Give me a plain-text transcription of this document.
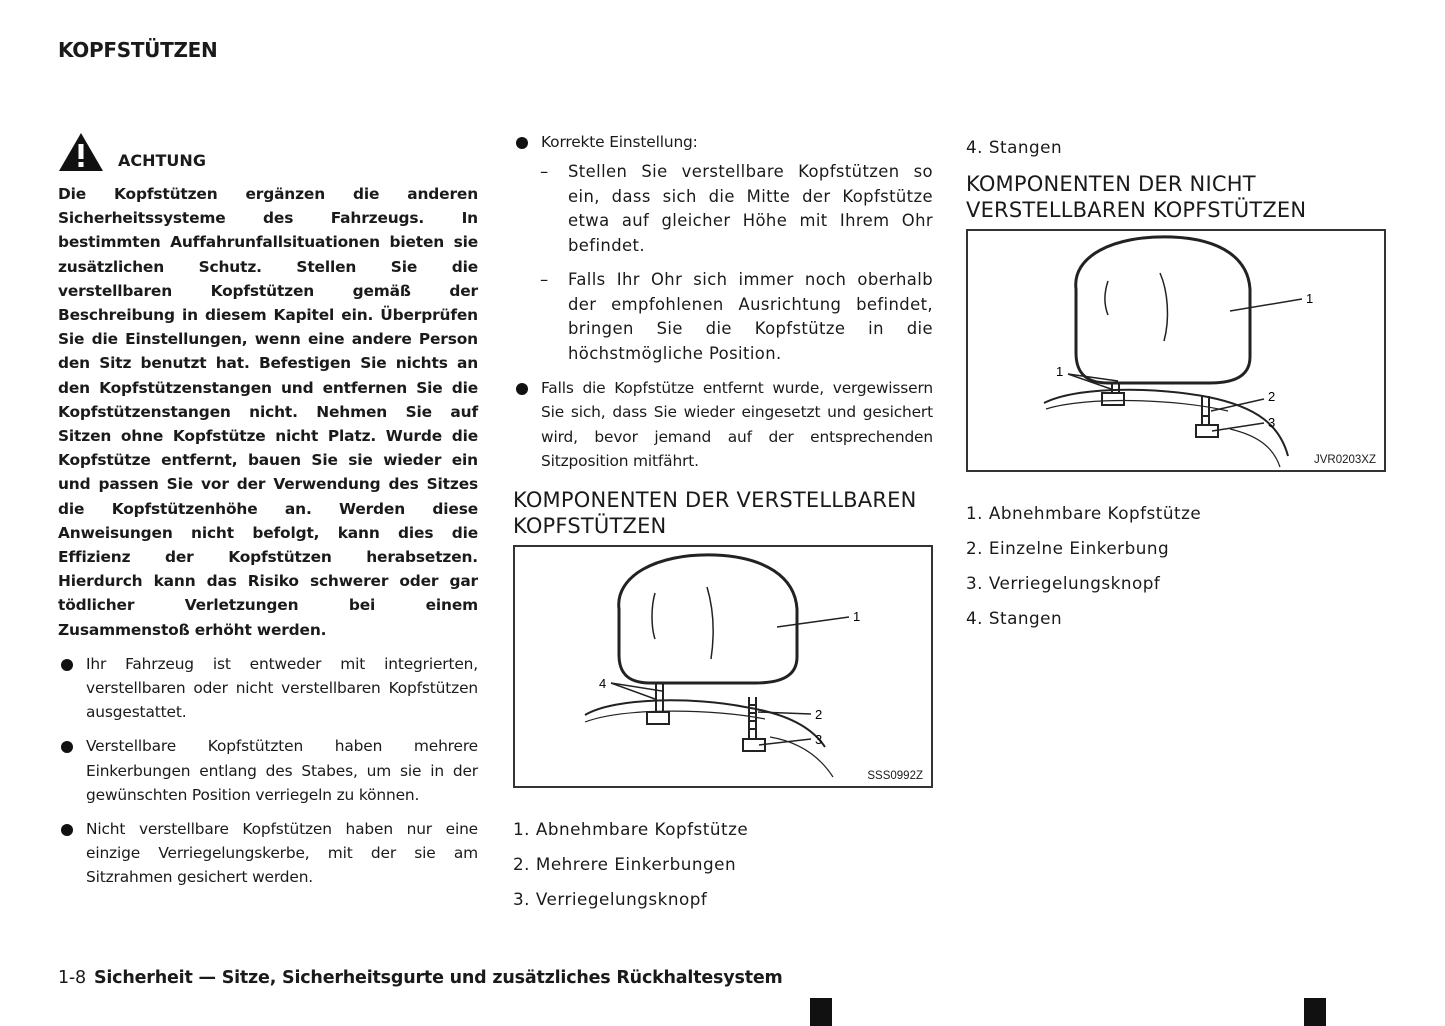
KOPFSTÜTZEN
ACHTUNG

Die Kopfstützen ergänzen die anderen Sicherheitssysteme des Fahrzeugs. In bestimmten Auffahrunfallsituationen bieten sie zusätzlichen Schutz. Stellen Sie die verstellbaren Kopfstützen gemäß der Beschreibung in diesem Kapitel ein. Überprüfen Sie die Einstellungen, wenn eine andere Person den Sitz benutzt hat. Befestigen Sie nichts an den Kopfstützenstangen und entfernen Sie die Kopfstützenstangen nicht. Nehmen Sie auf Sitzen ohne Kopfstütze nicht Platz. Wurde die Kopfstütze entfernt, bauen Sie sie wieder ein und passen Sie vor der Verwendung des Sitzes die Kopfstützenhöhe an. Werden diese Anweisungen nicht befolgt, kann dies die Effizienz der Kopfstützen herabsetzen. Hierdurch kann das Risiko schwerer oder gar tödlicher Verletzungen bei einem Zusammenstoß erhöht werden.

Ihr Fahrzeug ist entweder mit integrierten, verstellbaren oder nicht verstellbaren Kopfstützen ausgestattet.
Verstellbare Kopfstützten haben mehrere Einkerbungen entlang des Stabes, um sie in der gewünschten Position verriegeln zu können.
Nicht verstellbare Kopfstützen haben nur eine einzige Verriegelungskerbe, mit der sie am Sitzrahmen gesichert werden.
Korrekte Einstellung:
– Stellen Sie verstellbare Kopfstützen so ein, dass sich die Mitte der Kopfstütze etwa auf gleicher Höhe mit Ihrem Ohr befindet.
– Falls Ihr Ohr sich immer noch oberhalb der empfohlenen Ausrichtung befindet, bringen Sie die Kopfstütze in die höchstmögliche Position.
Falls die Kopfstütze entfernt wurde, vergewissern Sie sich, dass Sie wieder eingesetzt und gesichert wird, bevor jemand auf der entsprechenden Sitzposition mitfährt.
KOMPONENTEN DER VERSTELLBAREN KOPFSTÜTZEN
1
4
2
3
SSS0992Z
1. Abnehmbare Kopfstütze
2. Mehrere Einkerbungen
3. Verriegelungsknopf
4. Stangen
KOMPONENTEN DER NICHT VERSTELLBAREN KOPFSTÜTZEN
1
1
2
3
JVR0203XZ
1. Abnehmbare Kopfstütze
2. Einzelne Einkerbung
3. Verriegelungsknopf
4. Stangen
1-8 Sicherheit — Sitze, Sicherheitsgurte und zusätzliches Rückhaltesystem
